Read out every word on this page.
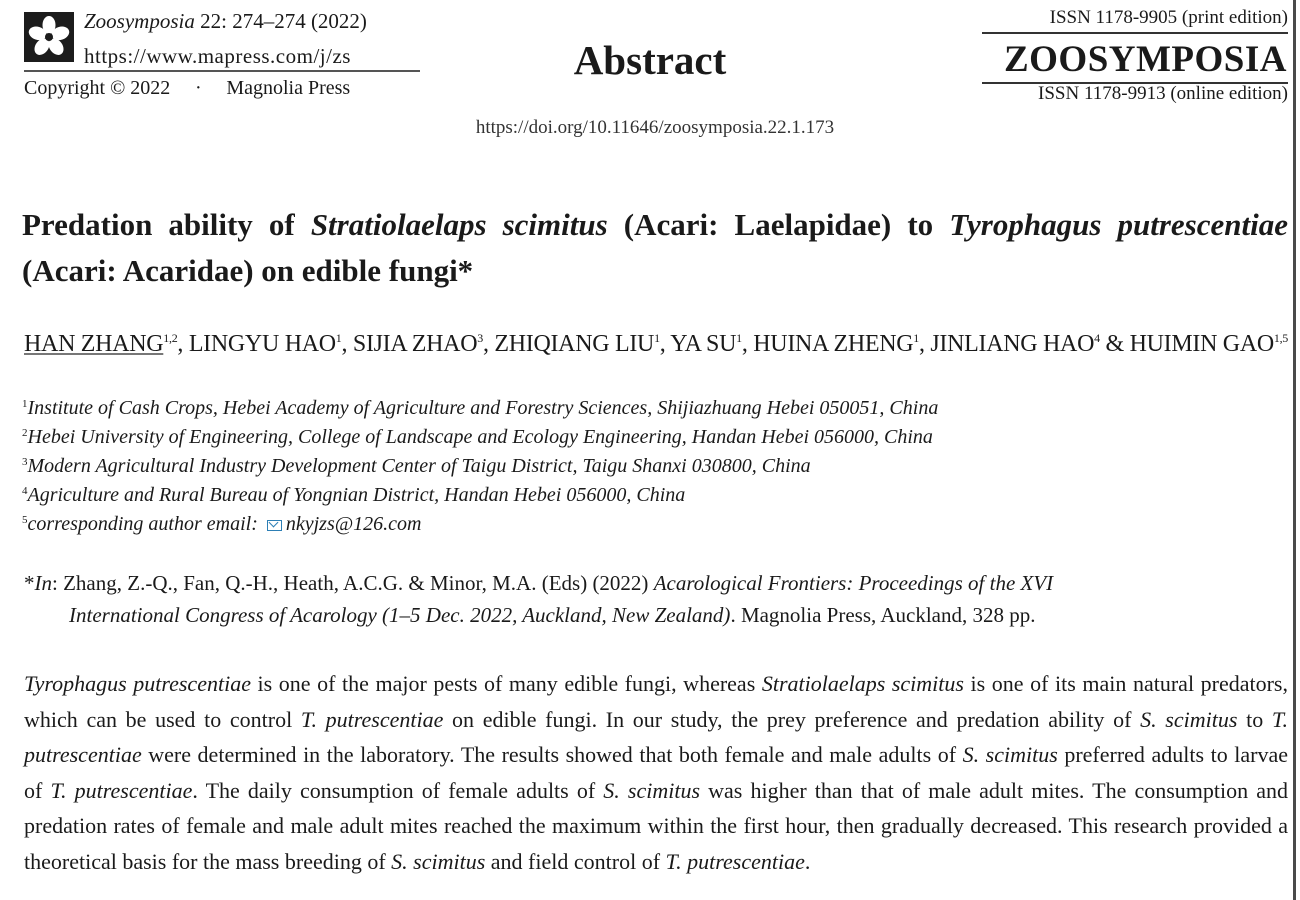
Zoosymposia 22: 274–274 (2022)
https://www.mapress.com/j/zs
Copyright © 2022 · Magnolia Press
Abstract
https://doi.org/10.11646/zoosymposia.22.1.173
ISSN 1178-9905 (print edition)
ZOOSYMPOSIA
ISSN 1178-9913 (online edition)
Predation ability of Stratiolaelaps scimitus (Acari: Laelapidae) to Tyrophagus putrescentiae (Acari: Acaridae) on edible fungi*
HAN ZHANG$^{1,2}$, LINGYU HAO$^1$, SIJIA ZHAO$^3$, ZHIQIANG LIU$^1$, YA $SU^1$, HUINA ZHENG$^1$, JINLIANG HAO$^4$ & HUIMIN GAO$^{1,5}$
$^1$Institute of Cash Crops, Hebei Academy of Agriculture and Forestry Sciences, Shijiazhuang Hebei 050051, China
$^2$Hebei University of Engineering, College of Landscape and Ecology Engineering, Handan Hebei 056000, China
$^3$Modern Agricultural Industry Development Center of Taigu District, Taigu Shanxi 030800, China
$^4$Agriculture and Rural Bureau of Yongnian District, Handan Hebei 056000, China
$^5$corresponding author email: nkyjzs@126.com
*In: Zhang, Z.-Q., Fan, Q.-H., Heath, A.C.G. & Minor, M.A. (Eds) (2022) Acarological Frontiers: Proceedings of the XVI
International Congress of Acarology (1–5 Dec. 2022, Auckland, New Zealand). Magnolia Press, Auckland, 328 pp.
Tyrophagus putrescentiae is one of the major pests of many edible fungi, whereas Stratiolaelaps scimitus is one of its main natural predators, which can be used to control T. putrescentiae on edible fungi. In our study, the prey preference and predation ability of S. scimitus to T. putrescentiae were determined in the laboratory. The results showed that both female and male adults of S. scimitus preferred adults to larvae of T. putrescentiae. The daily consumption of female adults of S. scimitus was higher than that of male adult mites. The consumption and predation rates of female and male adult mites reached the maximum within the first hour, then gradually decreased. This research provided a theoretical basis for the mass breeding of S. scimitus and field control of T. putrescentiae.
